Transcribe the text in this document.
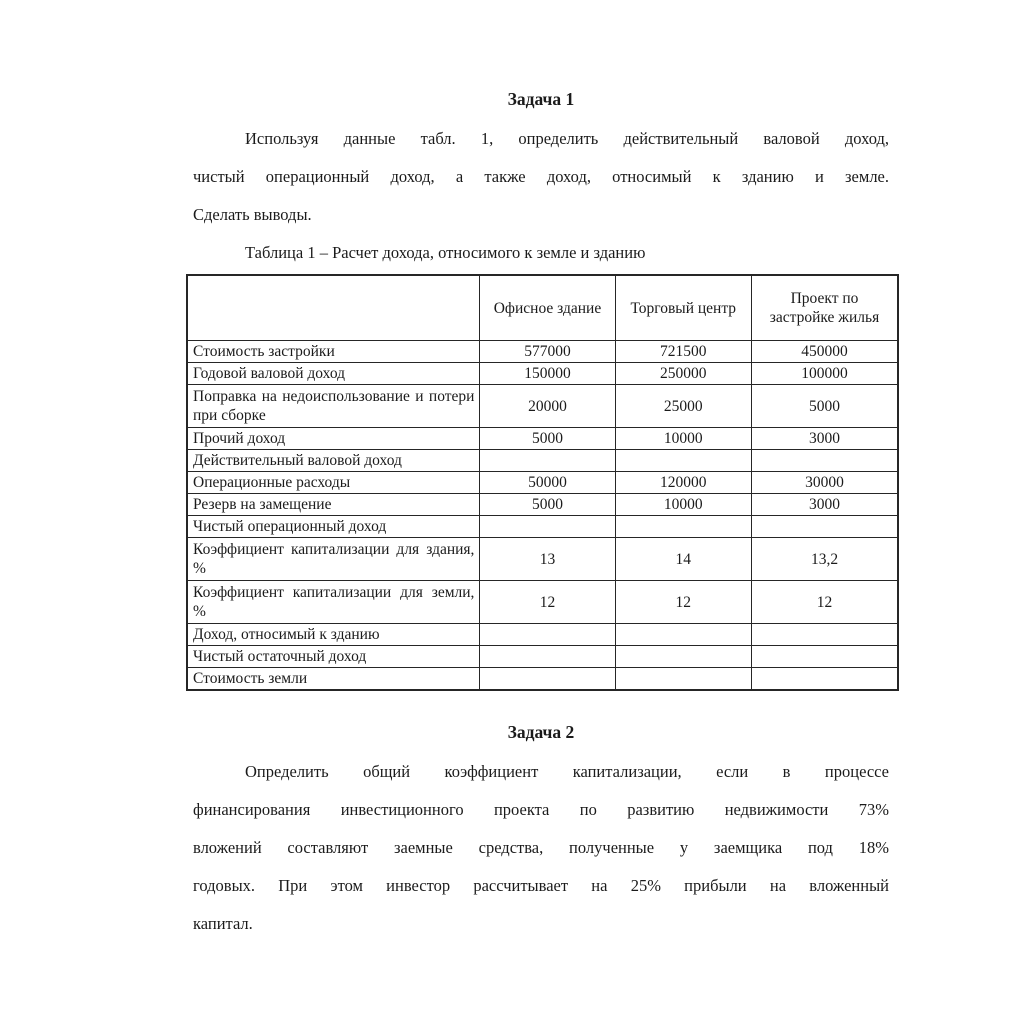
Задача 1
Используя данные табл. 1, определить действительный валовой доход,
чистый операционный доход, а также доход, относимый к зданию и земле.
Сделать выводы.
Таблица 1 – Расчет дохода, относимого к земле и зданию
	Офисное здание	Торговый центр	Проект по застройке жилья
Стоимость застройки	577000	721500	450000
Годовой валовой доход	150000	250000	100000
Поправка на недоиспользование и потери при сборке	20000	25000	5000
Прочий доход	5000	10000	3000
Действительный валовой доход			
Операционные расходы	50000	120000	30000
Резерв на замещение	5000	10000	3000
Чистый операционный доход			
Коэффициент капитализации для здания, %	13	14	13,2
Коэффициент капитализации для земли, %	12	12	12
Доход, относимый к зданию			
Чистый остаточный доход			
Стоимость земли			
Задача 2
Определить общий коэффициент капитализации, если в процессе
финансирования инвестиционного проекта по развитию недвижимости 73%
вложений составляют заемные средства, полученные у заемщика под 18%
годовых. При этом инвестор рассчитывает на 25% прибыли на вложенный
капитал.
